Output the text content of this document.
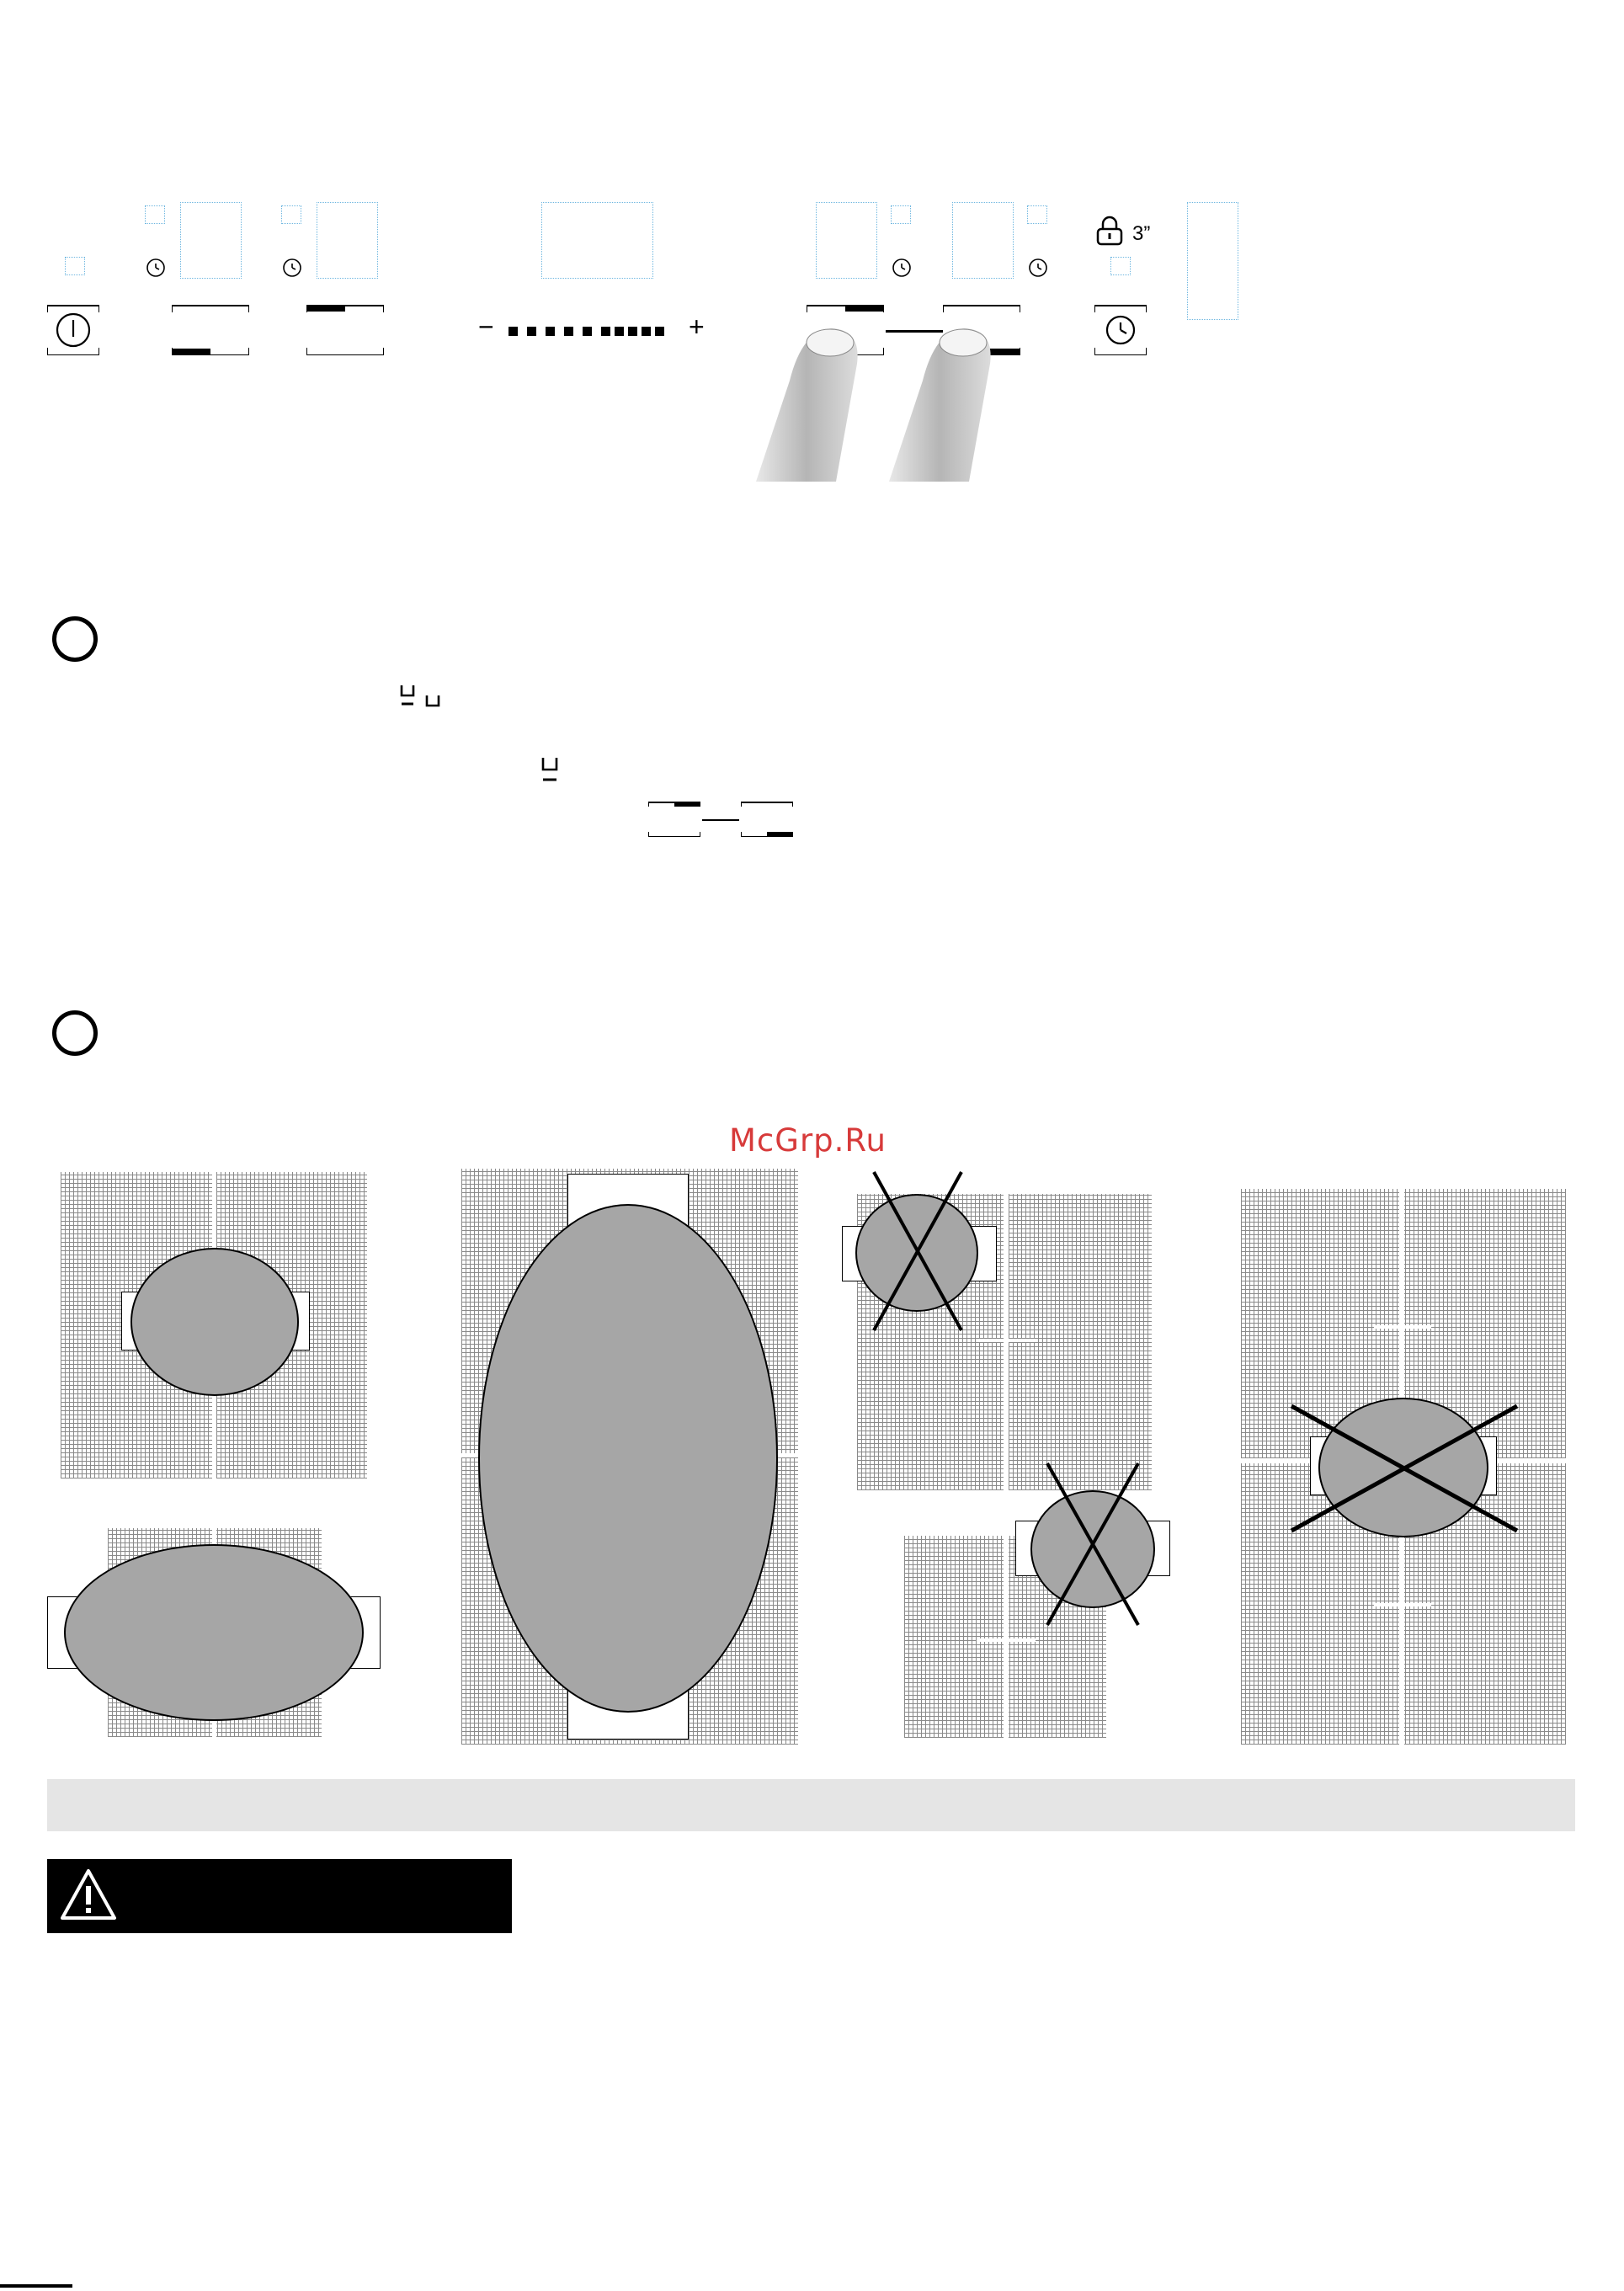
3”
−	+
McGrp.Ru
